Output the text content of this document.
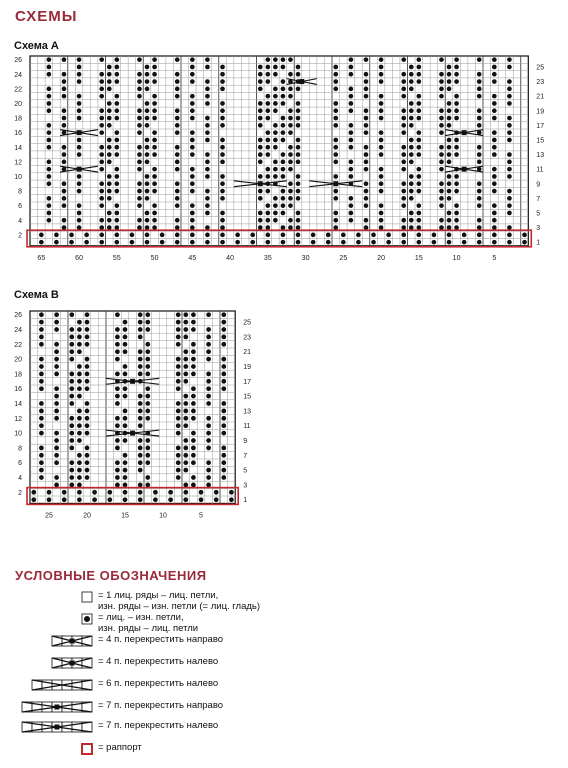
СХЕМЫ

Схема А

26
24
22
20
18
16
14
12
10
8
6
4
2
25
23
21
19
17
15
13
11
9
7
5
3
1
65	60	55	50	45	40	35	30	25	20	15	10	5

Схема В

26
24
22
20
18
16
14
12
10
8
6
4
2
25
23
21
19
17
15
13
11
9
7
5
3
1
25	20	15	10	5
УСЛОВНЫЕ ОБОЗНАЧЕНИЯ
= 1 лиц. ряды – лиц. петли,
изн. ряды – изн. петли (= лиц. гладь)
= лиц. – изн. петли,
изн. ряды – лиц. петли
= 4 п. перекрестить направо
= 4 п. перекрестить налево
= 6 п. перекрестить налево
= 7 п. перекрестить направо
= 7 п. перекрестить налево
= раппорт
